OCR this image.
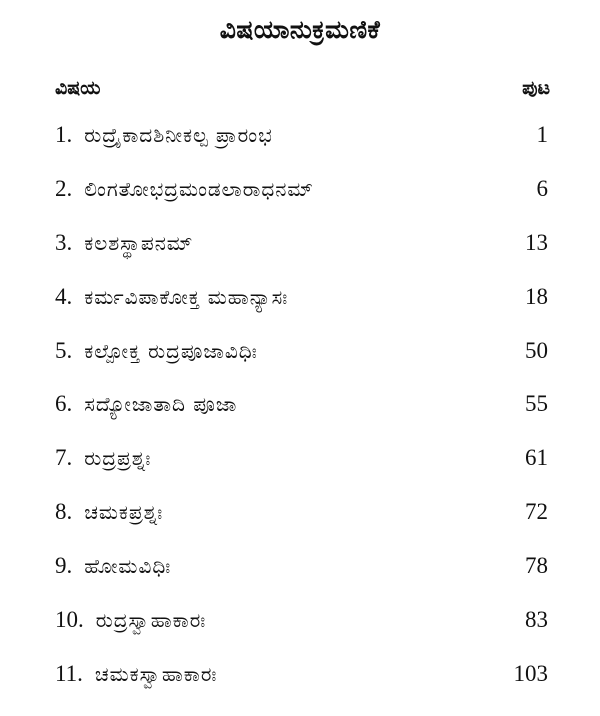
ವಿಷಯಾನುಕ್ರಮಣಿಕೆ
ವಿಷಯ	ಪುಟ
1. ರುದ್ರೈಕಾದಶಿನೀಕಲ್ಪ ಪ್ರಾರಂಭ	1
2. ಲಿಂಗತೋಭದ್ರಮಂಡಲಾರಾಧನಮ್	6
3. ಕಲಶಸ್ಥಾಪನಮ್	13
4. ಕರ್ಮವಿಪಾಕೋಕ್ತ ಮಹಾನ್ಯಾಸಃ	18
5. ಕಲ್ಪೋಕ್ತ ರುದ್ರಪೂಜಾವಿಧಿಃ	50
6. ಸದ್ಯೋಜಾತಾದಿ ಪೂಜಾ	55
7. ರುದ್ರಪ್ರಶ್ನಃ	61
8. ಚಮಕಪ್ರಶ್ನಃ	72
9. ಹೋಮವಿಧಿಃ	78
10. ರುದ್ರಸ್ವಾಹಾಕಾರಃ	83
11. ಚಮಕಸ್ವಾಹಾಕಾರಃ	103
